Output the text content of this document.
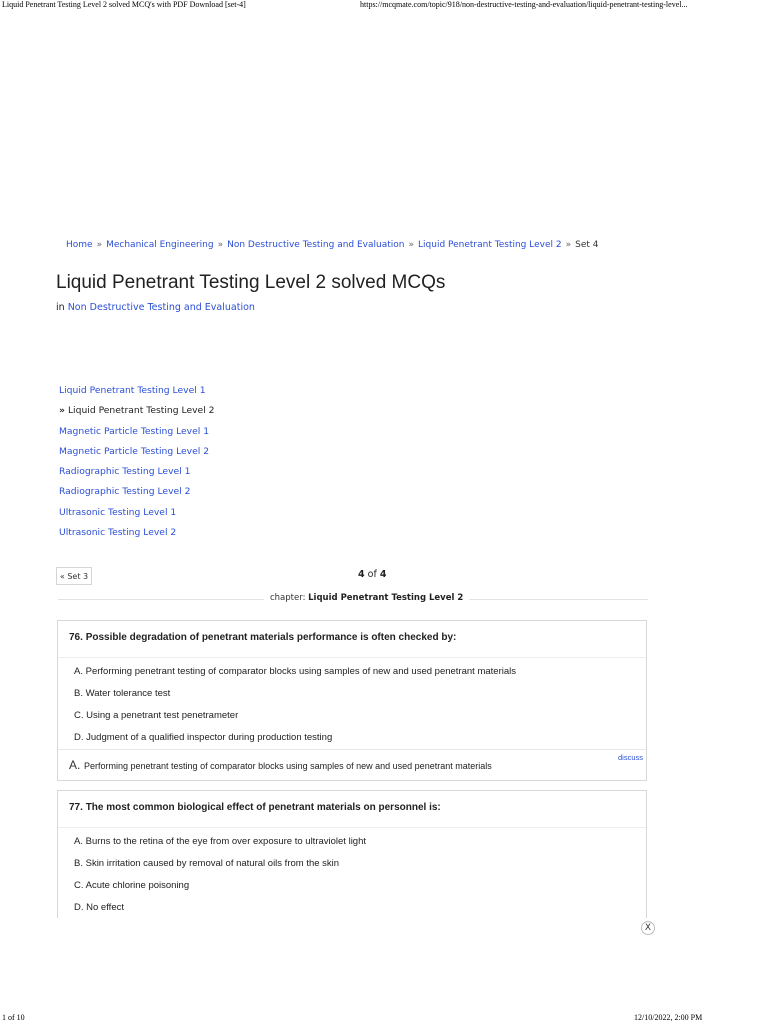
Liquid Penetrant Testing Level 2 solved MCQ's with PDF Download [set-4]	https://mcqmate.com/topic/918/non-destructive-testing-and-evaluation/liquid-penetrant-testing-level...
Home » Mechanical Engineering » Non Destructive Testing and Evaluation » Liquid Penetrant Testing Level 2 » Set 4
Liquid Penetrant Testing Level 2 solved MCQs
in Non Destructive Testing and Evaluation
Liquid Penetrant Testing Level 1
» Liquid Penetrant Testing Level 2
Magnetic Particle Testing Level 1
Magnetic Particle Testing Level 2
Radiographic Testing Level 1
Radiographic Testing Level 2
Ultrasonic Testing Level 1
Ultrasonic Testing Level 2
« Set 3	4 of 4
chapter: Liquid Penetrant Testing Level 2
76. Possible degradation of penetrant materials performance is often checked by:
A. Performing penetrant testing of comparator blocks using samples of new and used penetrant materials
B. Water tolerance test
C. Using a penetrant test penetrameter
D. Judgment of a qualified inspector during production testing
A. Performing penetrant testing of comparator blocks using samples of new and used penetrant materials
discuss
77. The most common biological effect of penetrant materials on personnel is:
A. Burns to the retina of the eye from over exposure to ultraviolet light
B. Skin irritation caused by removal of natural oils from the skin
C. Acute chlorine poisoning
D. No effect
X
1 of 10	12/10/2022, 2:00 PM
